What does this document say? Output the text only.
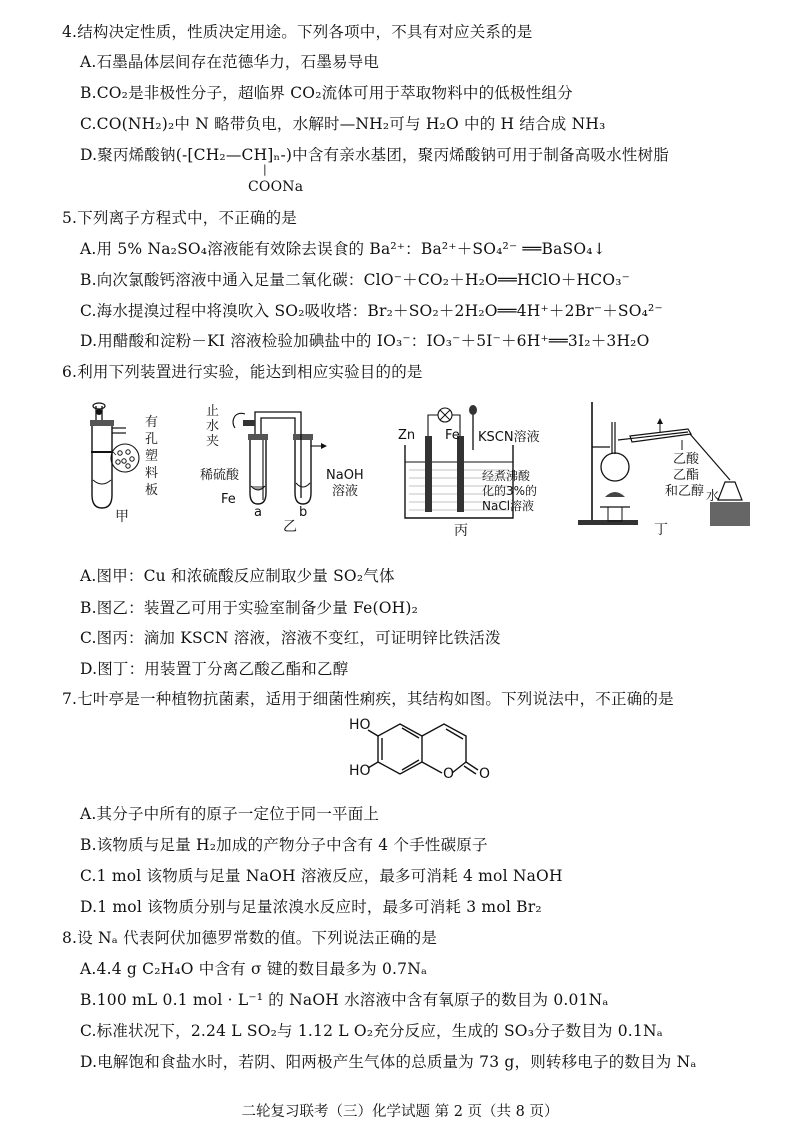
4.结构决定性质，性质决定用途。下列各项中，不具有对应关系的是
A.石墨晶体层间存在范德华力，石墨易导电
B.CO₂是非极性分子，超临界 CO₂流体可用于萃取物料中的低极性组分
C.CO(NH₂)₂中 N 略带负电，水解时—NH₂可与 H₂O 中的 H 结合成 NH₃
D.聚丙烯酸钠(-[CH₂—CH]ₙ-)中含有亲水基团，聚丙烯酸钠可用于制备高吸水性树脂
|
COONa
5.下列离子方程式中，不正确的是
A.用 5% Na₂SO₄溶液能有效除去误食的 Ba²⁺：Ba²⁺＋SO₄²⁻ ══BaSO₄↓
B.向次氯酸钙溶液中通入足量二氧化碳：ClO⁻＋CO₂＋H₂O══HClO＋HCO₃⁻
C.海水提溴过程中将溴吹入 SO₂吸收塔：Br₂＋SO₂＋2H₂O══4H⁺＋2Br⁻＋SO₄²⁻
D.用醋酸和淀粉－KI 溶液检验加碘盐中的 IO₃⁻：IO₃⁻＋5I⁻＋6H⁺══3I₂＋3H₂O
6.利用下列装置进行实验，能达到相应实验目的的是
有
孔
塑
料
板
甲
止
水
夹
稀硫酸
Fe
NaOH
溶液
a	b
乙
Zn Fe KSCN溶液
经煮沸酸
化的3%的
NaCl溶液
丙
乙酸
乙酯
和乙醇 水
丁
A.图甲：Cu 和浓硫酸反应制取少量 SO₂气体
B.图乙：装置乙可用于实验室制备少量 Fe(OH)₂
C.图丙：滴加 KSCN 溶液，溶液不变红，可证明锌比铁活泼
D.图丁：用装置丁分离乙酸乙酯和乙醇
7.七叶亭是一种植物抗菌素，适用于细菌性痢疾，其结构如图。下列说法中，不正确的是
HO
HO	O O
A.其分子中所有的原子一定位于同一平面上
B.该物质与足量 H₂加成的产物分子中含有 4 个手性碳原子
C.1 mol 该物质与足量 NaOH 溶液反应，最多可消耗 4 mol NaOH
D.1 mol 该物质分别与足量浓溴水反应时，最多可消耗 3 mol Br₂
8.设 Nₐ 代表阿伏加德罗常数的值。下列说法正确的是
A.4.4 g C₂H₄O 中含有 σ 键的数目最多为 0.7Nₐ
B.100 mL 0.1 mol · L⁻¹ 的 NaOH 水溶液中含有氧原子的数目为 0.01Nₐ
C.标准状况下，2.24 L SO₂与 1.12 L O₂充分反应，生成的 SO₃分子数目为 0.1Nₐ
D.电解饱和食盐水时，若阴、阳两极产生气体的总质量为 73 g，则转移电子的数目为 Nₐ
二轮复习联考（三）化学试题 第 2 页（共 8 页）
